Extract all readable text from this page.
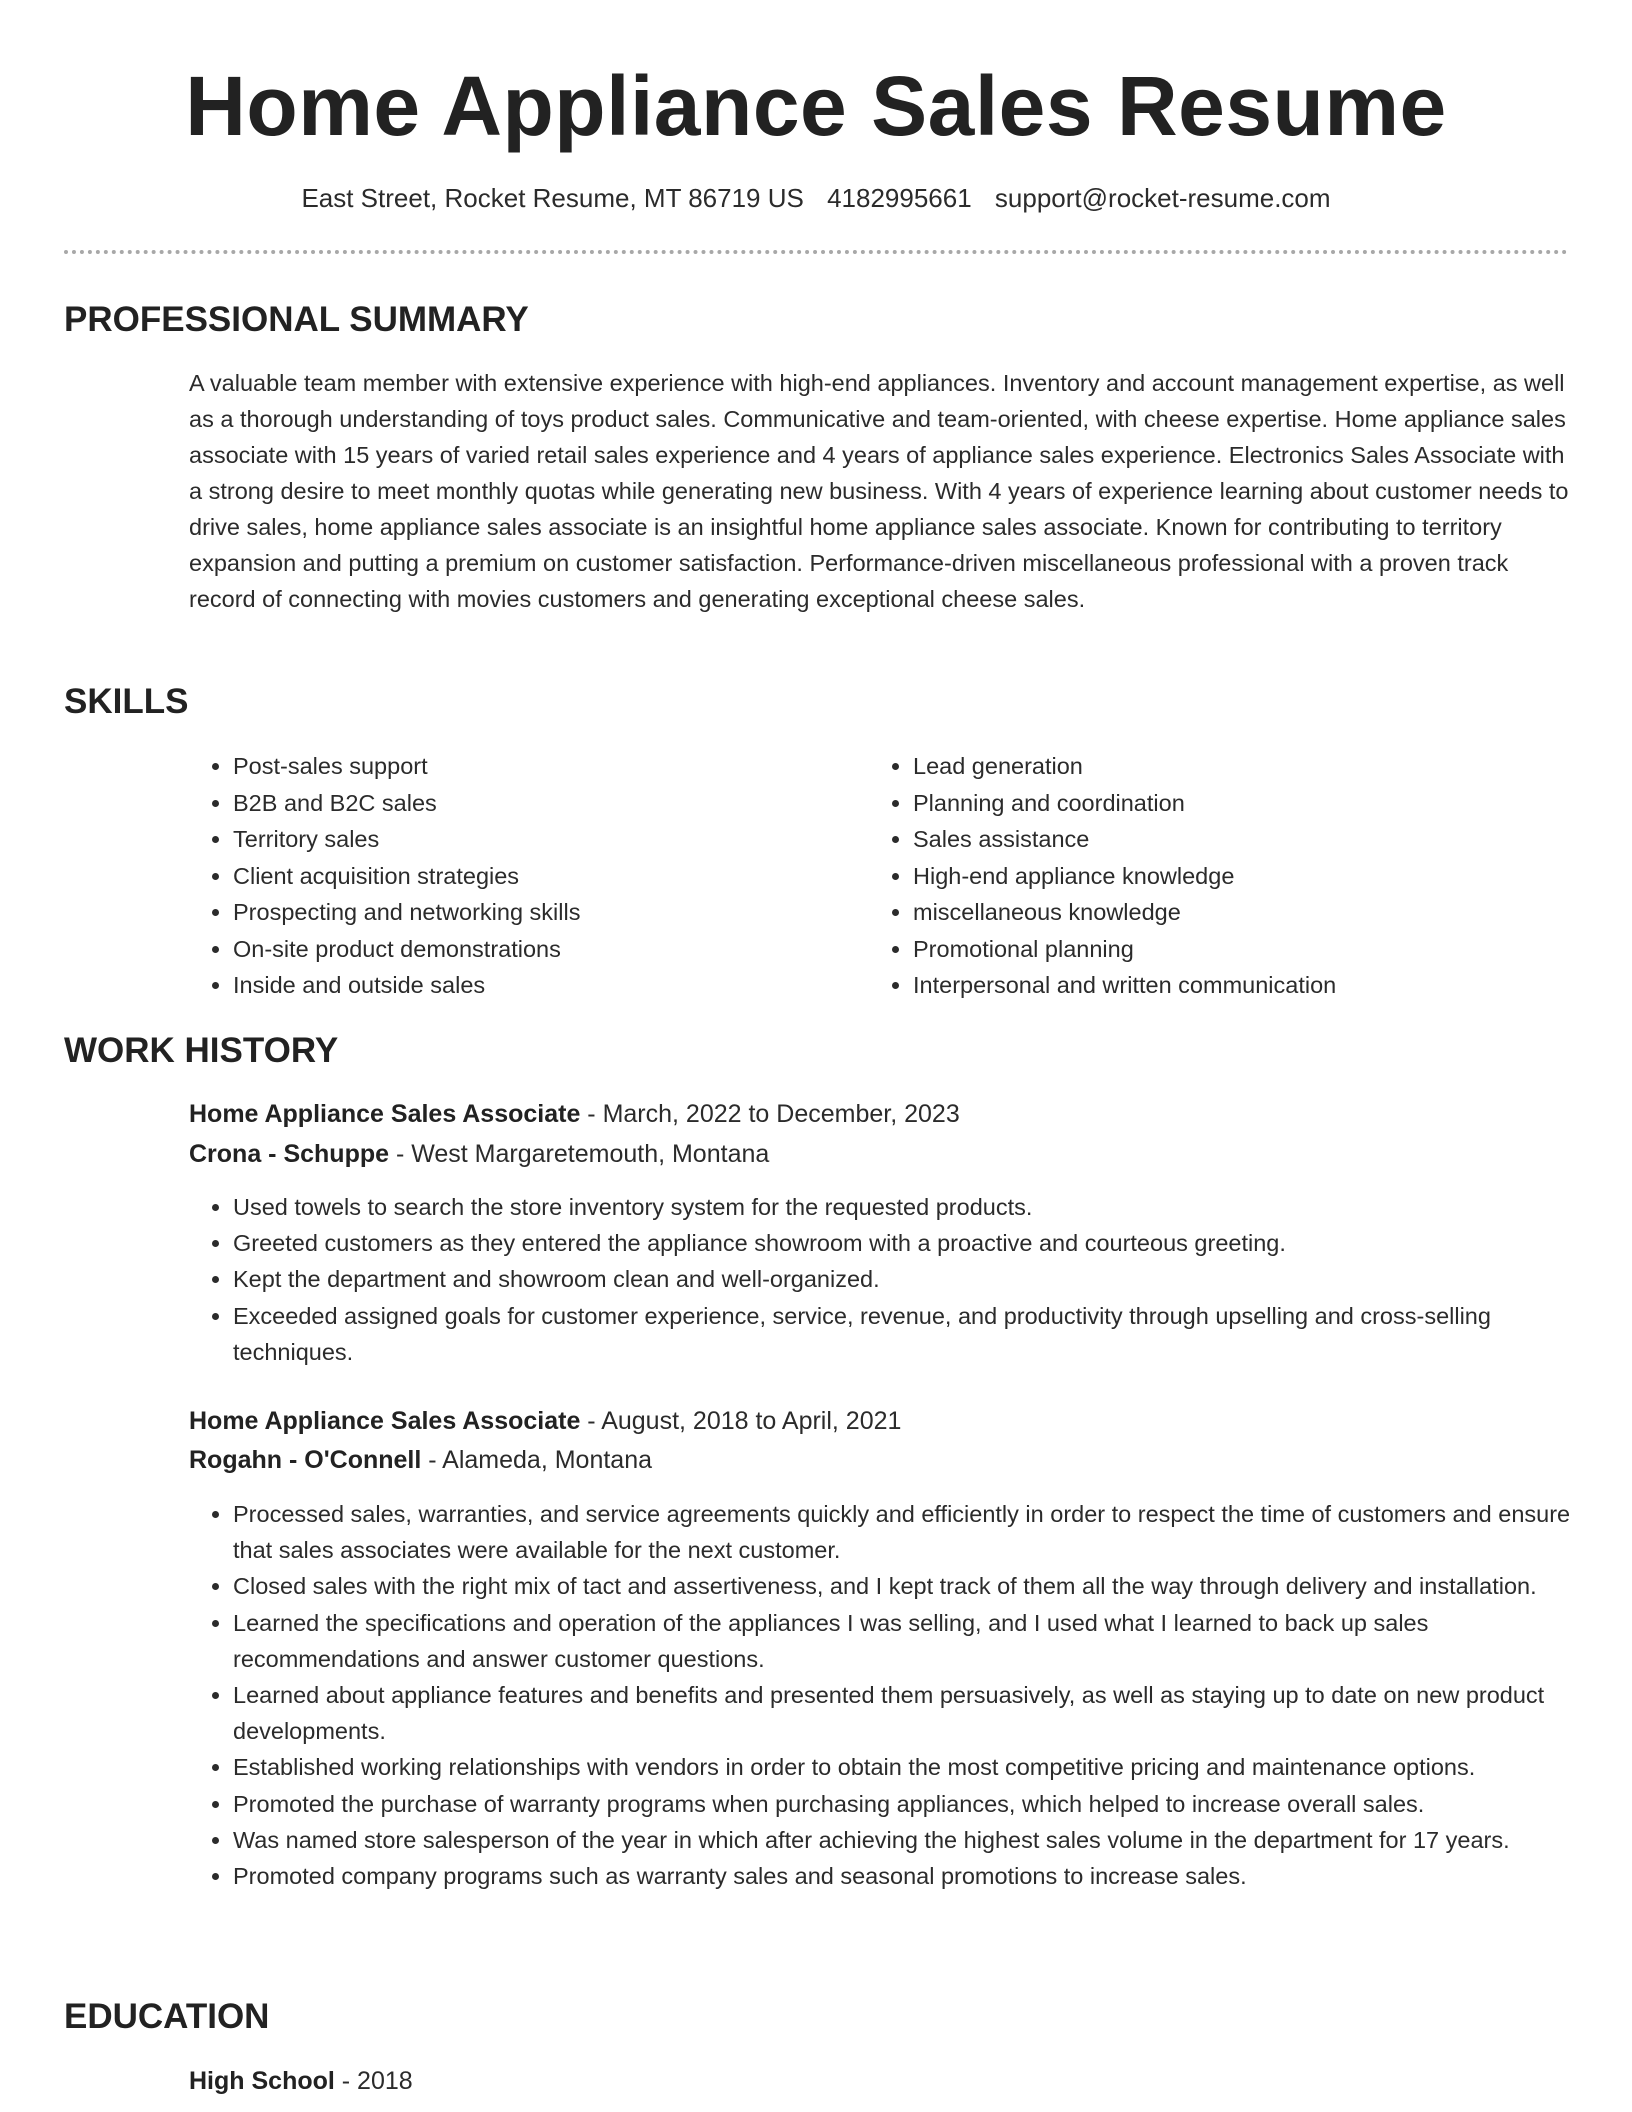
Home Appliance Sales Resume
East Street, Rocket Resume, MT 86719 US 4182995661 support@rocket-resume.com
PROFESSIONAL SUMMARY

A valuable team member with extensive experience with high-end appliances. Inventory and account management expertise, as well as a thorough understanding of toys product sales. Communicative and team-oriented, with cheese expertise. Home appliance sales associate with 15 years of varied retail sales experience and 4 years of appliance sales experience. Electronics Sales Associate with a strong desire to meet monthly quotas while generating new business. With 4 years of experience learning about customer needs to drive sales, home appliance sales associate is an insightful home appliance sales associate. Known for contributing to territory expansion and putting a premium on customer satisfaction. Performance-driven miscellaneous professional with a proven track record of connecting with movies customers and generating exceptional cheese sales.

SKILLS
• Post-sales support
• B2B and B2C sales
• Territory sales
• Client acquisition strategies
• Prospecting and networking skills
• On-site product demonstrations
• Inside and outside sales
• Lead generation
• Planning and coordination
• Sales assistance
• High-end appliance knowledge
• miscellaneous knowledge
• Promotional planning
• Interpersonal and written communication
WORK HISTORY
Home Appliance Sales Associate - March, 2022 to December, 2023
Crona - Schuppe - West Margaretemouth, Montana
• Used towels to search the store inventory system for the requested products.
• Greeted customers as they entered the appliance showroom with a proactive and courteous greeting.
• Kept the department and showroom clean and well-organized.
• Exceeded assigned goals for customer experience, service, revenue, and productivity through upselling and cross-selling techniques.
Home Appliance Sales Associate - August, 2018 to April, 2021
Rogahn - O'Connell - Alameda, Montana
• Processed sales, warranties, and service agreements quickly and efficiently in order to respect the time of customers and ensure that sales associates were available for the next customer.
• Closed sales with the right mix of tact and assertiveness, and I kept track of them all the way through delivery and installation.
• Learned the specifications and operation of the appliances I was selling, and I used what I learned to back up sales recommendations and answer customer questions.
• Learned about appliance features and benefits and presented them persuasively, as well as staying up to date on new product developments.
• Established working relationships with vendors in order to obtain the most competitive pricing and maintenance options.
• Promoted the purchase of warranty programs when purchasing appliances, which helped to increase overall sales.
• Was named store salesperson of the year in which after achieving the highest sales volume in the department for 17 years.
• Promoted company programs such as warranty sales and seasonal promotions to increase sales.
EDUCATION
High School - 2018
